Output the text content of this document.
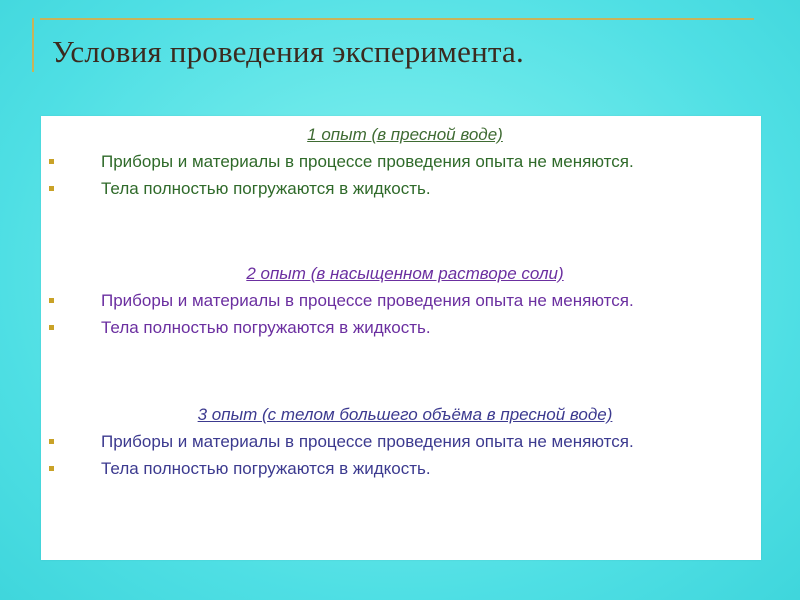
Условия проведения эксперимента.

1 опыт (в пресной воде)

Приборы и материалы в процессе проведения опыта не меняются.
Тела полностью погружаются в жидкость.

2 опыт (в насыщенном растворе соли)

Приборы и материалы в процессе проведения опыта не меняются.
Тела полностью погружаются в жидкость.

3 опыт (с телом большего объёма в пресной воде)

Приборы и материалы в процессе проведения опыта не меняются.
Тела полностью погружаются в жидкость.
